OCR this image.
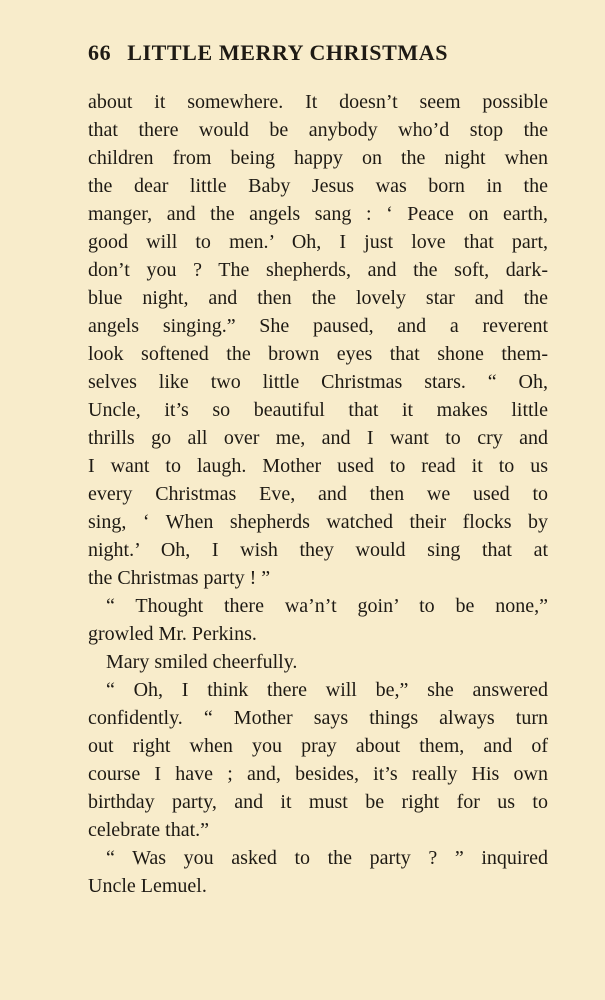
66 LITTLE MERRY CHRISTMAS
about it somewhere. It doesn’t seem possible
that there would be anybody who’d stop the
children from being happy on the night when
the dear little Baby Jesus was born in the
manger, and the angels sang : ‘ Peace on earth,
good will to men.’ Oh, I just love that part,
don’t you ? The shepherds, and the soft, dark-
blue night, and then the lovely star and the
angels singing.” She paused, and a reverent
look softened the brown eyes that shone them-
selves like two little Christmas stars. “ Oh,
Uncle, it’s so beautiful that it makes little
thrills go all over me, and I want to cry and
I want to laugh. Mother used to read it to us
every Christmas Eve, and then we used to
sing, ‘ When shepherds watched their flocks by
night.’ Oh, I wish they would sing that at
the Christmas party ! ”
“ Thought there wa’n’t goin’ to be none,”
growled Mr. Perkins.
Mary smiled cheerfully.
“ Oh, I think there will be,” she answered
confidently. “ Mother says things always turn
out right when you pray about them, and of
course I have ; and, besides, it’s really His own
birthday party, and it must be right for us to
celebrate that.”
“ Was you asked to the party ? ” inquired
Uncle Lemuel.
